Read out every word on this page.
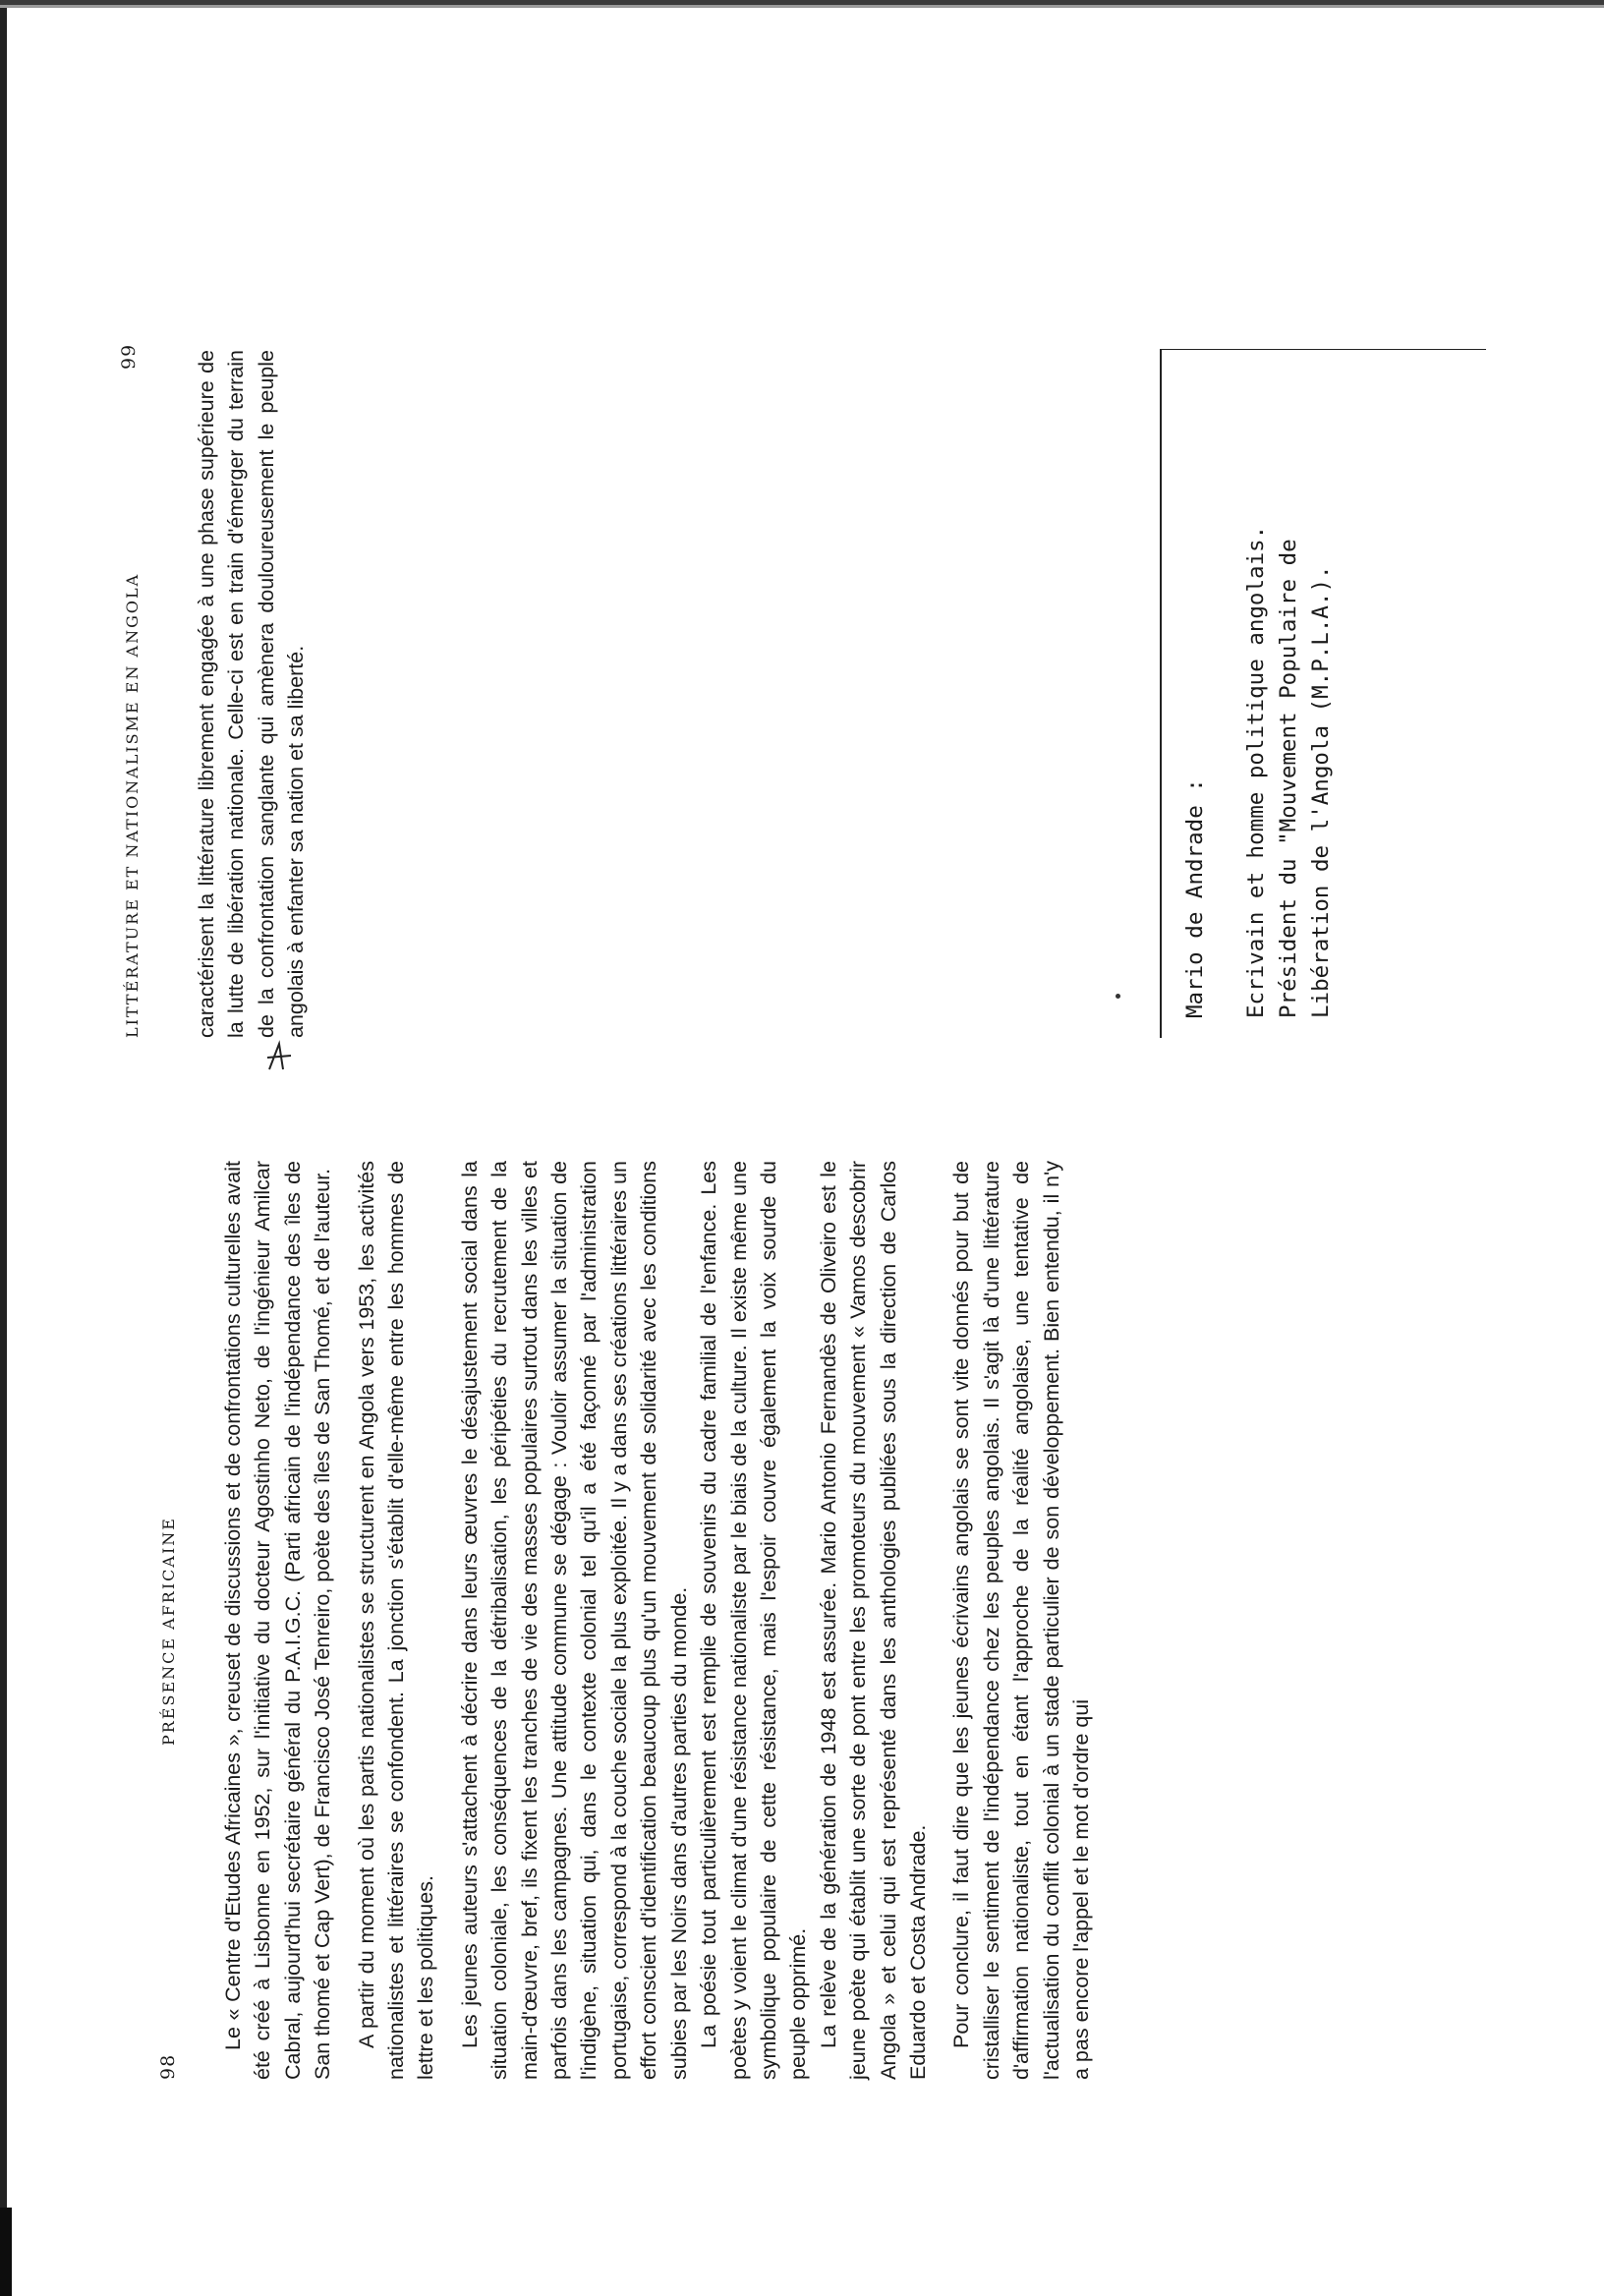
98

PRÉSENCE AFRICAINE Le « Centre d'Etudes Africaines », creuset de discussions et de confrontations culturelles avait été créé à Lisbonne en 1952, sur l'initiative du docteur Agostinho Neto, de l'ingénieur Amilcar Cabral, aujourd'hui secrétaire général du P.A.I.G.C. (Parti africain de l'indépendance des îles de San thomé et Cap Vert), de Francisco José Tenreiro, poète des îles de San Thomé, et de l'auteur. A partir du moment où les partis nationalistes se structurent en Angola vers 1953, les activités nationalistes et littéraires se confondent. La jonction s'établit d'elle-même entre les hommes de lettre et les politiques. Les jeunes auteurs s'attachent à décrire dans leurs œuvres le désajustement social dans la situation coloniale, les conséquences de la détribalisation, les péripéties du recrutement de la main-d'œuvre, bref, ils fixent les tranches de vie des masses populaires surtout dans les villes et parfois dans les campagnes. Une attitude commune se dégage : Vouloir assumer la situation de l'indigène, situation qui, dans le contexte colonial tel qu'il a été façonné par l'administration portugaise, correspond à la couche sociale la plus exploitée. Il y a dans ses créations littéraires un effort conscient d'identification beaucoup plus qu'un mouvement de solidarité avec les conditions subies par les Noirs dans d'autres parties du monde. La poésie tout particulièrement est remplie de souvenirs du cadre familial de l'enfance. Les poètes y voient le climat d'une résistance nationaliste par le biais de la culture. Il existe même une symbolique populaire de cette résistance, mais l'espoir couvre également la voix sourde du peuple opprimé. La relève de la génération de 1948 est assurée. Mario Antonio Fernandès de Oliveiro est le jeune poète qui établit une sorte de pont entre les promoteurs du mouvement « Vamos descobrir Angola » et celui qui est représenté dans les anthologies publiées sous la direction de Carlos Eduardo et Costa Andrade. Pour conclure, il faut dire que les jeunes écrivains angolais se sont vite donnés pour but de cristalliser le sentiment de l'indépendance chez les peuples angolais. Il s'agit là d'une littérature d'affirmation nationaliste, tout en étant l'approche de la réalité angolaise, une tentative de l'actualisation du conflit colonial à un stade particulier de son développement. Bien entendu, il n'y a pas encore l'appel et le mot d'ordre qui

LITTÉRATURE ET NATIONALISME EN ANGOLA

99	caractérisent la littérature librement engagée à une phase supérieure de la lutte de libération nationale. Celle-ci est en train d'émerger du terrain de la confrontation sanglante qui amènera douloureusement le peuple angolais à enfanter sa nation et sa liberté.	Mario de Andrade : Ecrivain et homme politique angolais. Président du "Mouvement Populaire de Libération de l'Angola (M.P.L.A.).
